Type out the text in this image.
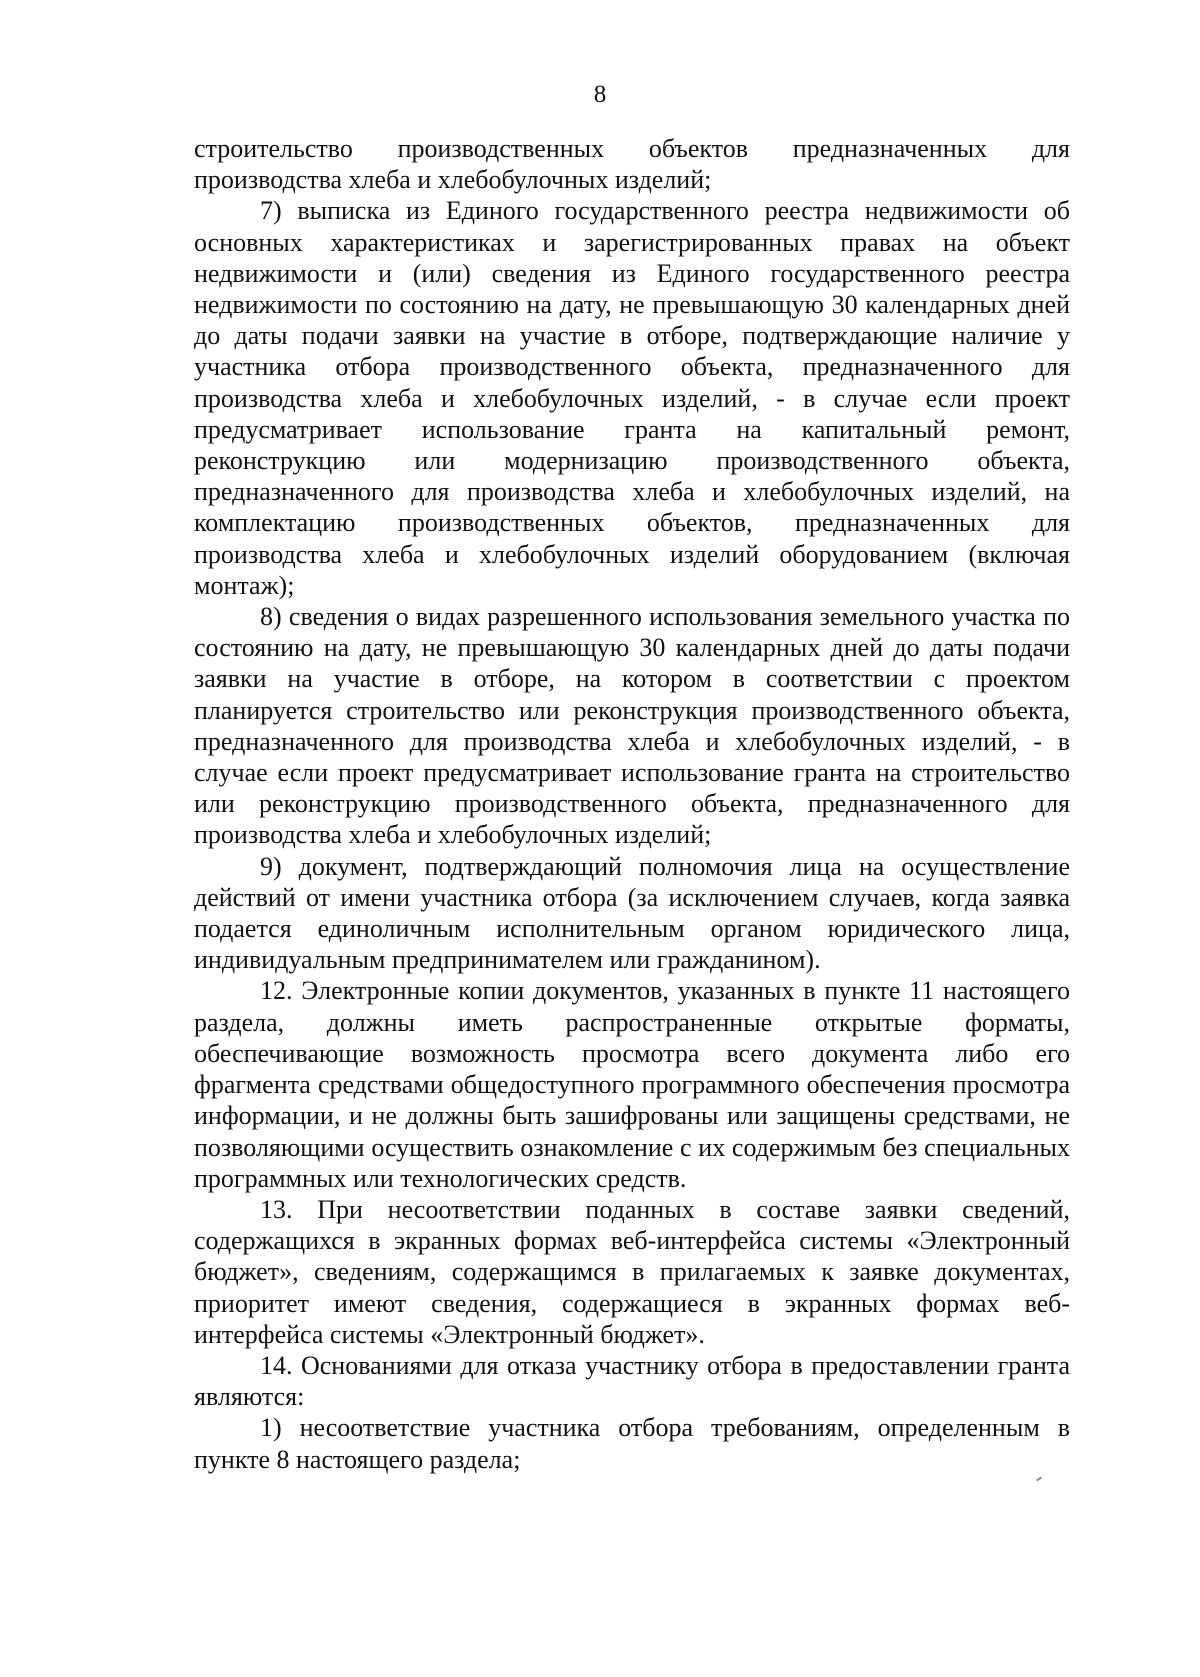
8

строительство производственных объектов предназначенных для производства хлеба и хлебобулочных изделий;

7) выписка из Единого государственного реестра недвижимости об основных характеристиках и зарегистрированных правах на объект недвижимости и (или) сведения из Единого государственного реестра недвижимости по состоянию на дату, не превышающую 30 календарных дней до даты подачи заявки на участие в отборе, подтверждающие наличие у участника отбора производственного объекта, предназначенного для производства хлеба и хлебобулочных изделий, - в случае если проект предусматривает использование гранта на капитальный ремонт, реконструкцию или модернизацию производственного объекта, предназначенного для производства хлеба и хлебобулочных изделий, на комплектацию производственных объектов, предназначенных для производства хлеба и хлебобулочных изделий оборудованием (включая монтаж);

8) сведения о видах разрешенного использования земельного участка по состоянию на дату, не превышающую 30 календарных дней до даты подачи заявки на участие в отборе, на котором в соответствии с проектом планируется строительство или реконструкция производственного объекта, предназначенного для производства хлеба и хлебобулочных изделий, - в случае если проект предусматривает использование гранта на строительство или реконструкцию производственного объекта, предназначенного для производства хлеба и хлебобулочных изделий;

9) документ, подтверждающий полномочия лица на осуществление действий от имени участника отбора (за исключением случаев, когда заявка подается единоличным исполнительным органом юридического лица, индивидуальным предпринимателем или гражданином).

12. Электронные копии документов, указанных в пункте 11 настоящего раздела, должны иметь распространенные открытые форматы, обеспечивающие возможность просмотра всего документа либо его фрагмента средствами общедоступного программного обеспечения просмотра информации, и не должны быть зашифрованы или защищены средствами, не позволяющими осуществить ознакомление с их содержимым без специальных программных или технологических средств.

13. При несоответствии поданных в составе заявки сведений, содержащихся в экранных формах веб-интерфейса системы «Электронный бюджет», сведениям, содержащимся в прилагаемых к заявке документах, приоритет имеют сведения, содержащиеся в экранных формах веб-интерфейса системы «Электронный бюджет».

14. Основаниями для отказа участнику отбора в предоставлении гранта являются:

1) несоответствие участника отбора требованиям, определенным в пункте 8 настоящего раздела;
